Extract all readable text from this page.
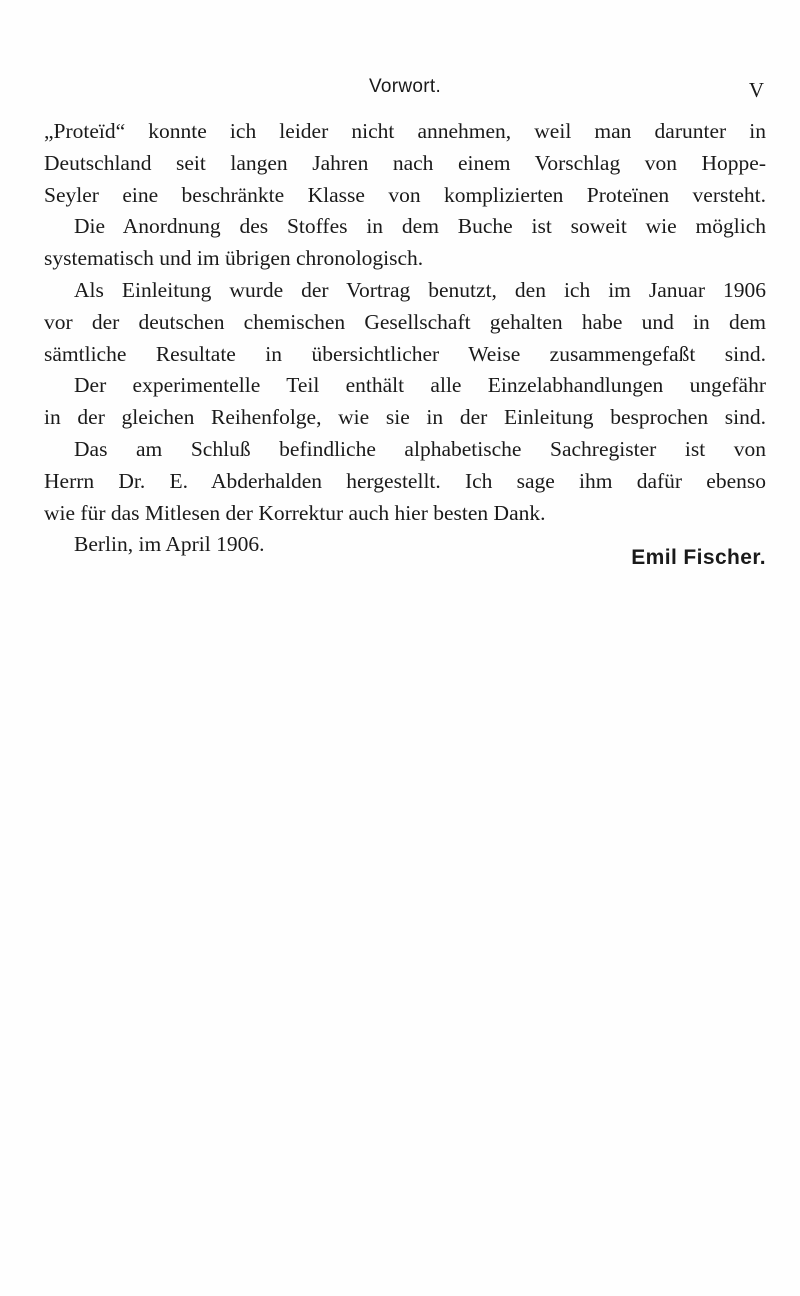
Vorwort.	V
„Proteïd“ konnte ich leider nicht annehmen, weil man darunter in
Deutschland seit langen Jahren nach einem Vorschlag von Hoppe-
Seyler eine beschränkte Klasse von komplizierten Proteïnen versteht.
Die Anordnung des Stoffes in dem Buche ist soweit wie möglich
systematisch und im übrigen chronologisch.
Als Einleitung wurde der Vortrag benutzt, den ich im Januar 1906
vor der deutschen chemischen Gesellschaft gehalten habe und in dem
sämtliche Resultate in übersichtlicher Weise zusammengefaßt sind.
Der experimentelle Teil enthält alle Einzelabhandlungen ungefähr
in der gleichen Reihenfolge, wie sie in der Einleitung besprochen sind.
Das am Schluß befindliche alphabetische Sachregister ist von
Herrn Dr. E. Abderhalden hergestellt. Ich sage ihm dafür ebenso
wie für das Mitlesen der Korrektur auch hier besten Dank.
Berlin, im April 1906.
Emil Fischer.
